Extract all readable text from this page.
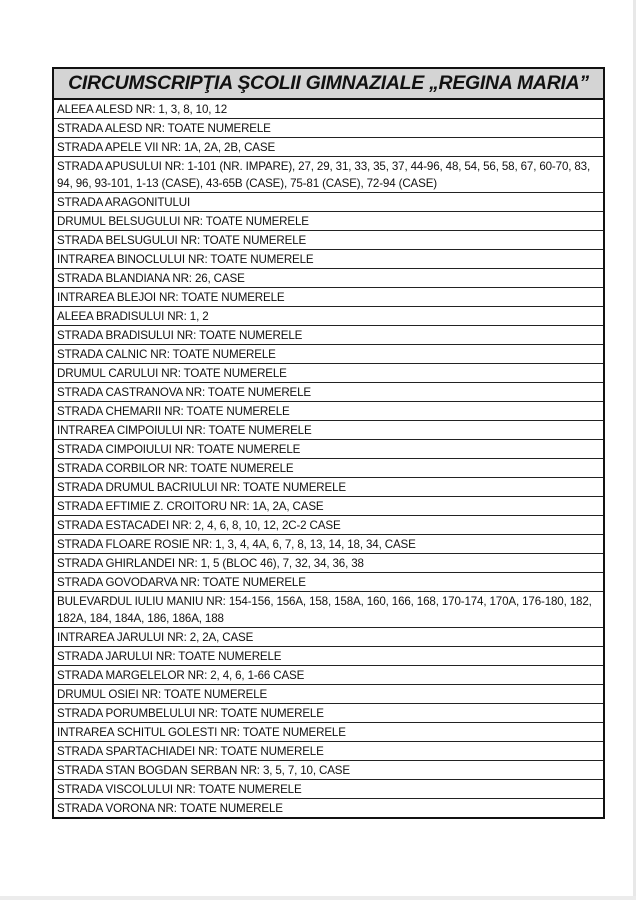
CIRCUMSCRIPŢIA ŞCOLII GIMNAZIALE „REGINA MARIA”
ALEEA ALESD NR: 1, 3, 8, 10, 12
STRADA ALESD NR: TOATE NUMERELE
STRADA APELE VII NR: 1A, 2A, 2B, CASE
STRADA APUSULUI NR: 1-101 (NR. IMPARE), 27, 29, 31, 33, 35, 37, 44-96, 48, 54, 56, 58, 67, 60-70, 83, 94, 96, 93-101, 1-13 (CASE), 43-65B (CASE), 75-81 (CASE), 72-94 (CASE)
STRADA ARAGONITULUI
DRUMUL BELSUGULUI NR: TOATE NUMERELE
STRADA BELSUGULUI NR: TOATE NUMERELE
INTRAREA BINOCLULUI NR: TOATE NUMERELE
STRADA BLANDIANA NR: 26, CASE
INTRAREA BLEJOI NR: TOATE NUMERELE
ALEEA BRADISULUI NR: 1, 2
STRADA BRADISULUI NR: TOATE NUMERELE
STRADA CALNIC NR: TOATE NUMERELE
DRUMUL CARULUI NR: TOATE NUMERELE
STRADA CASTRANOVA NR: TOATE NUMERELE
STRADA CHEMARII NR: TOATE NUMERELE
INTRAREA CIMPOIULUI NR: TOATE NUMERELE
STRADA CIMPOIULUI NR: TOATE NUMERELE
STRADA CORBILOR NR: TOATE NUMERELE
STRADA DRUMUL BACRIULUI NR: TOATE NUMERELE
STRADA EFTIMIE Z. CROITORU NR: 1A, 2A, CASE
STRADA ESTACADEI NR: 2, 4, 6, 8, 10, 12, 2C-2 CASE
STRADA FLOARE ROSIE NR: 1, 3, 4, 4A, 6, 7, 8, 13, 14, 18, 34, CASE
STRADA GHIRLANDEI NR: 1, 5 (BLOC 46), 7, 32, 34, 36, 38
STRADA GOVODARVA NR: TOATE NUMERELE
BULEVARDUL IULIU MANIU NR: 154-156, 156A, 158, 158A, 160, 166, 168, 170-174, 170A, 176-180, 182, 182A, 184, 184A, 186, 186A, 188
INTRAREA JARULUI NR: 2, 2A, CASE
STRADA JARULUI NR: TOATE NUMERELE
STRADA MARGELELOR NR: 2, 4, 6, 1-66 CASE
DRUMUL OSIEI NR: TOATE NUMERELE
STRADA PORUMBELULUI NR: TOATE NUMERELE
INTRAREA SCHITUL GOLESTI NR: TOATE NUMERELE
STRADA SPARTACHIADEI NR: TOATE NUMERELE
STRADA STAN BOGDAN SERBAN NR: 3, 5, 7, 10, CASE
STRADA VISCOLULUI NR: TOATE NUMERELE
STRADA VORONA NR: TOATE NUMERELE
